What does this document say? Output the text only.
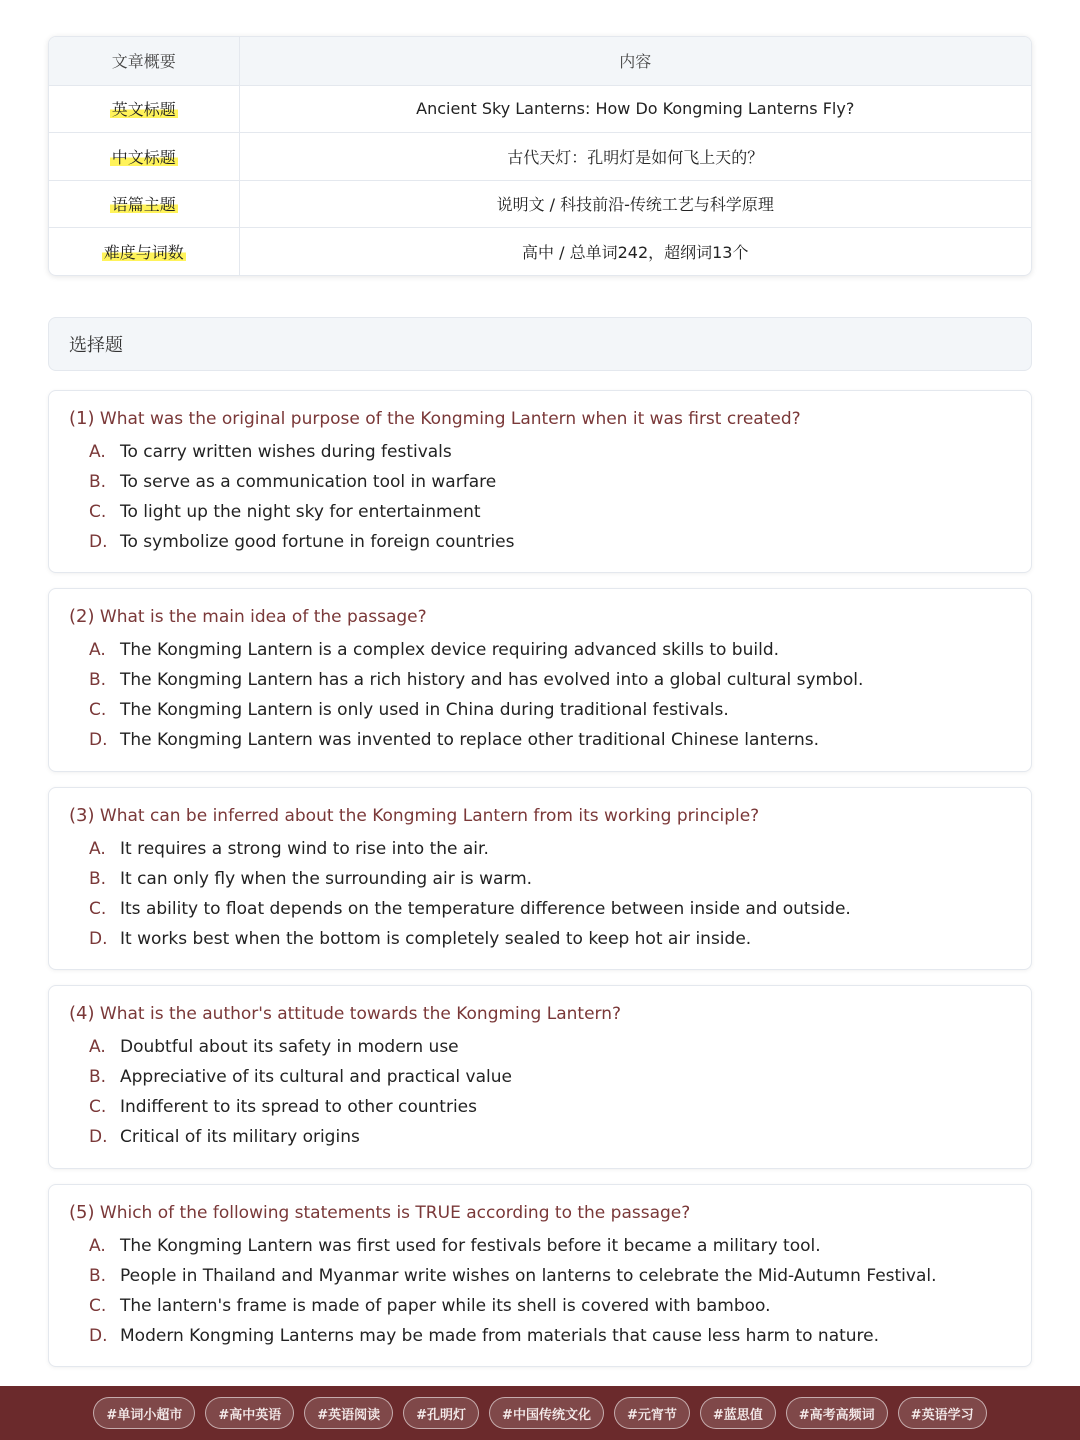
文章概要	内容
英文标题	Ancient Sky Lanterns: How Do Kongming Lanterns Fly?
中文标题	古代天灯：孔明灯是如何飞上天的？
语篇主题	说明文 / 科技前沿-传统工艺与科学原理
难度与词数	高中 / 总单词242，超纲词13个
选择题
(1) What was the original purpose of the Kongming Lantern when it was first created?
A. To carry written wishes during festivals
B. To serve as a communication tool in warfare
C. To light up the night sky for entertainment
D. To symbolize good fortune in foreign countries
(2) What is the main idea of the passage?
A. The Kongming Lantern is a complex device requiring advanced skills to build.
B. The Kongming Lantern has a rich history and has evolved into a global cultural symbol.
C. The Kongming Lantern is only used in China during traditional festivals.
D. The Kongming Lantern was invented to replace other traditional Chinese lanterns.
(3) What can be inferred about the Kongming Lantern from its working principle?
A. It requires a strong wind to rise into the air.
B. It can only fly when the surrounding air is warm.
C. Its ability to float depends on the temperature difference between inside and outside.
D. It works best when the bottom is completely sealed to keep hot air inside.
(4) What is the author's attitude towards the Kongming Lantern?
A. Doubtful about its safety in modern use
B. Appreciative of its cultural and practical value
C. Indifferent to its spread to other countries
D. Critical of its military origins
(5) Which of the following statements is TRUE according to the passage?
A. The Kongming Lantern was first used for festivals before it became a military tool.
B. People in Thailand and Myanmar write wishes on lanterns to celebrate the Mid-Autumn Festival.
C. The lantern's frame is made of paper while its shell is covered with bamboo.
D. Modern Kongming Lanterns may be made from materials that cause less harm to nature.
#单词小超市	#高中英语	#英语阅读	#孔明灯	#中国传统文化	#元宵节	#蓝思值	#高考高频词	#英语学习
